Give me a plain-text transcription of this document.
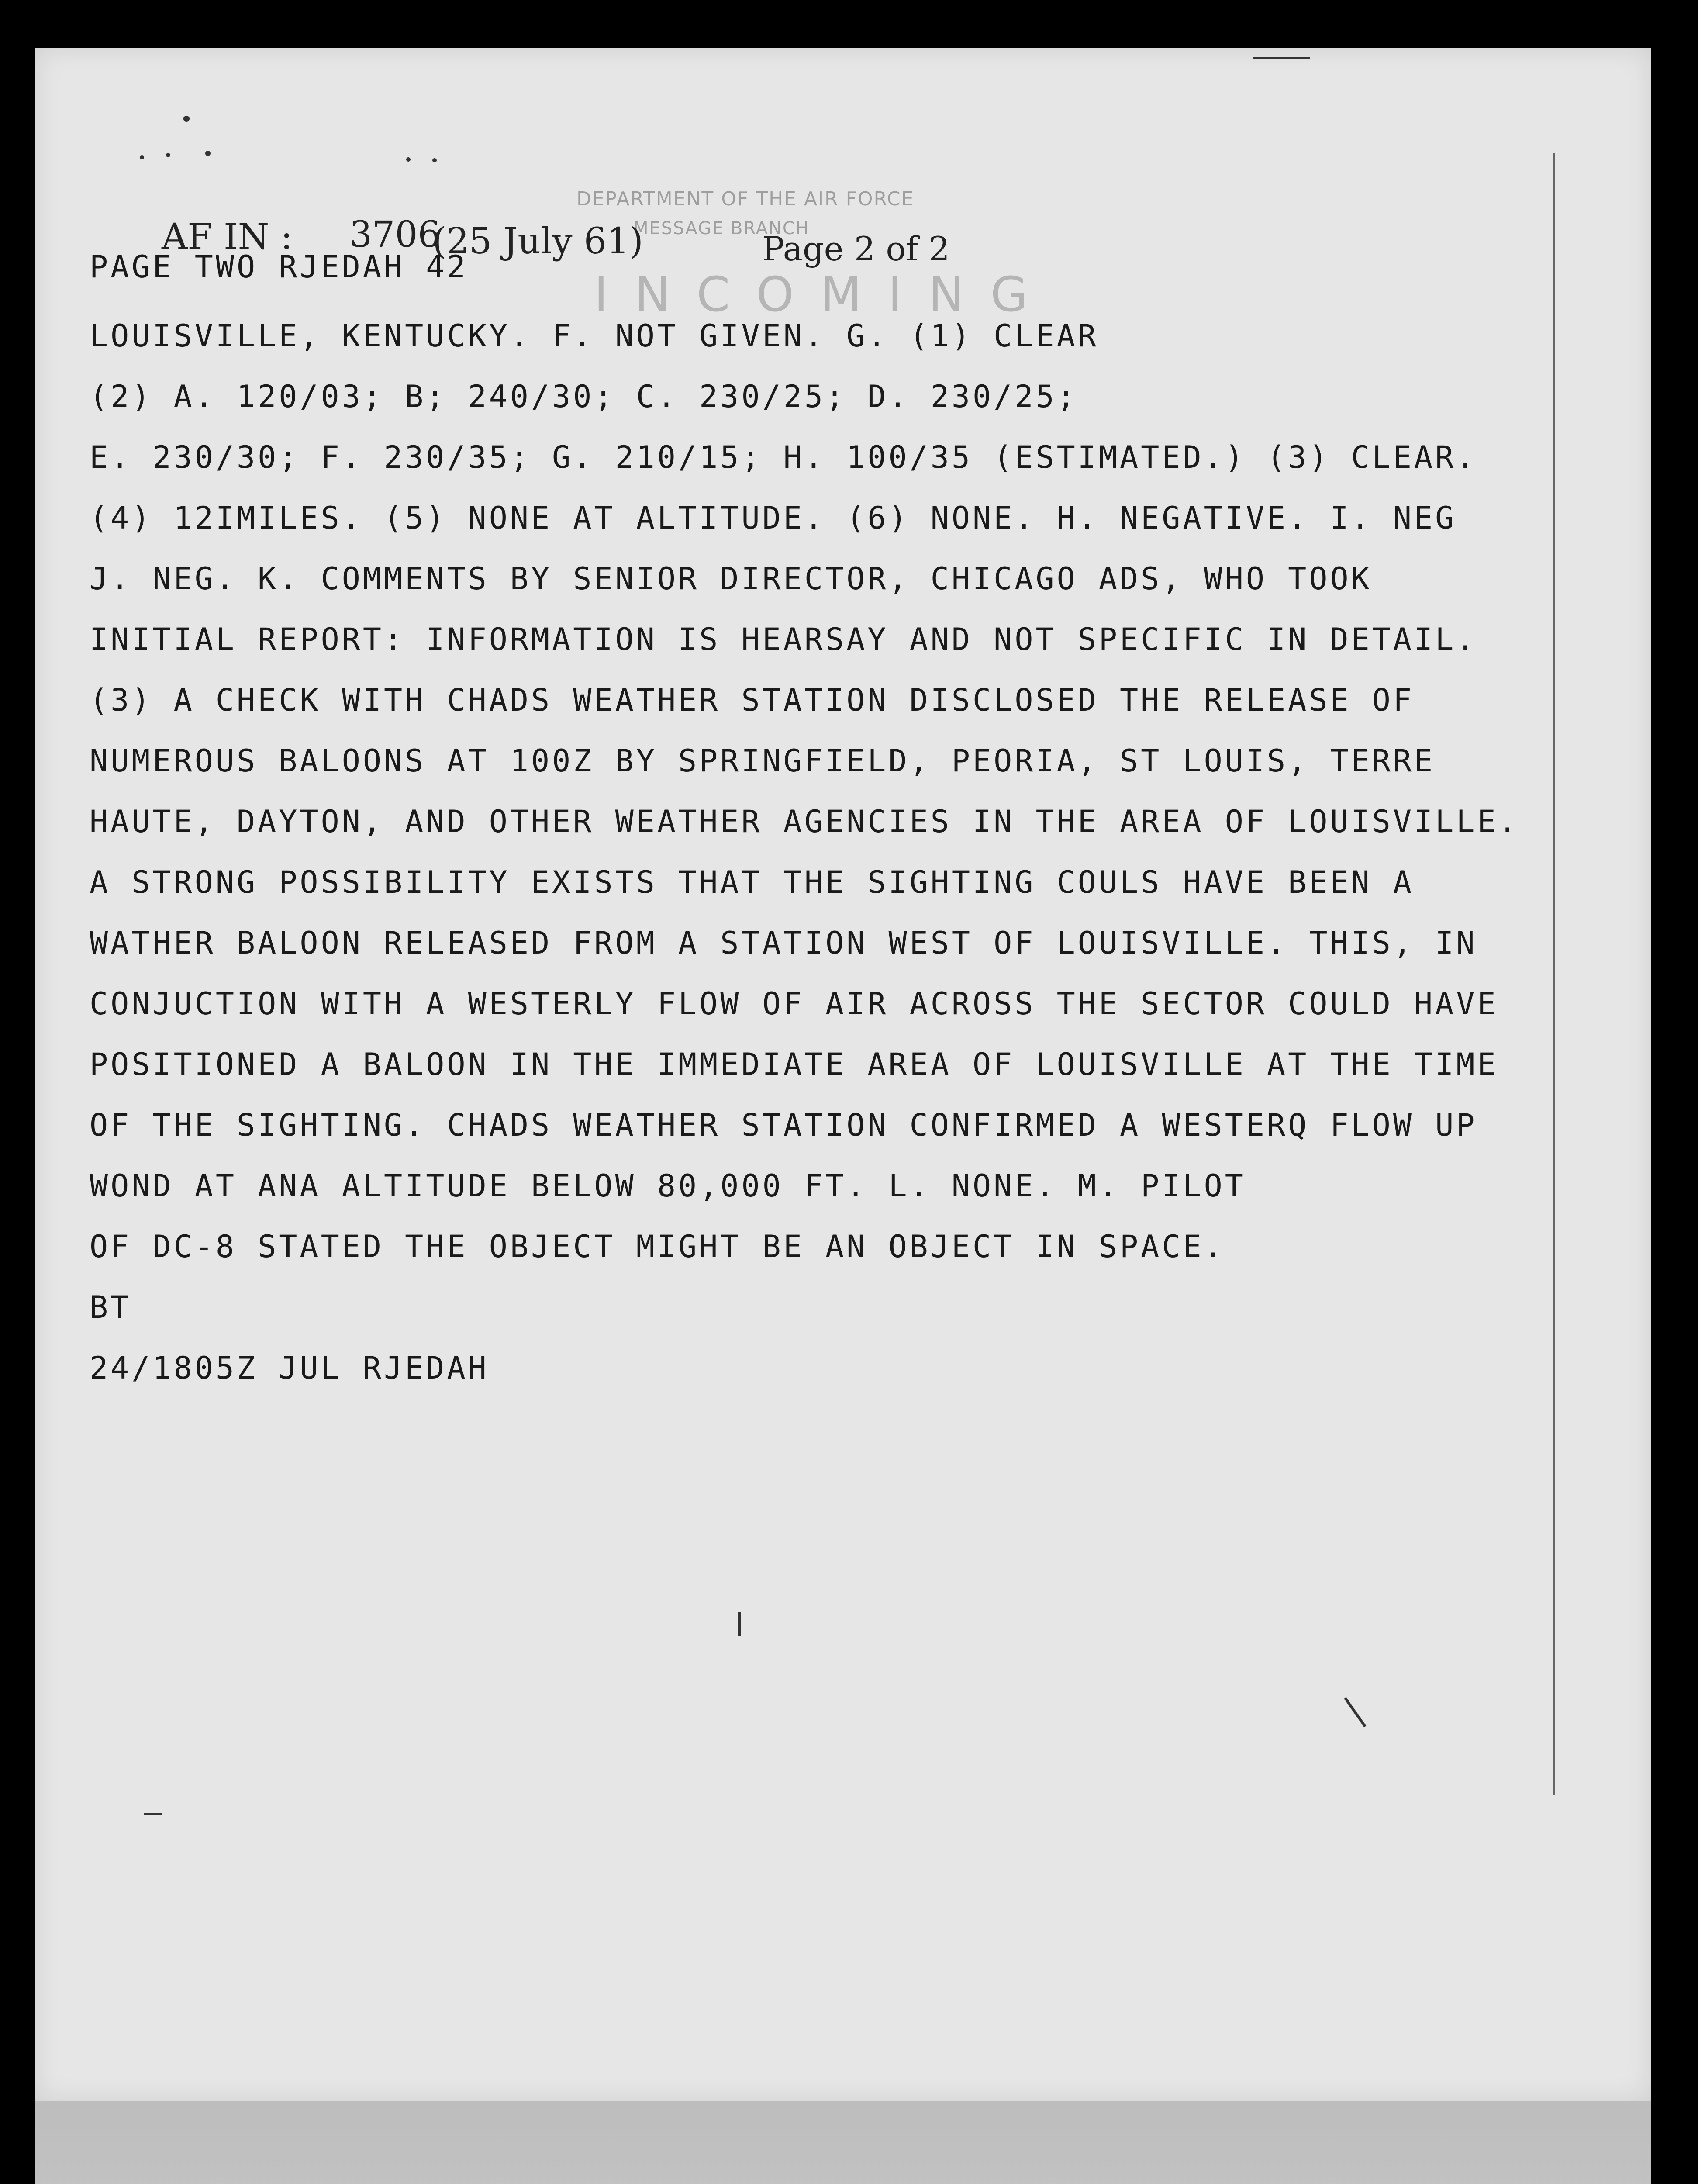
DEPARTMENT OF THE AIR FORCE
MESSAGE BRANCH
INCOMING
AF IN : 3706
(25 July 61)	Page 2 of 2
PAGE TWO RJEDAH 42
LOUISVILLE, KENTUCKY. F. NOT GIVEN. G. (1) CLEAR
(2) A. 120/03; B; 240/30; C. 230/25; D. 230/25;
E. 230/30; F. 230/35; G. 210/15; H. 100/35 (ESTIMATED.) (3) CLEAR.
(4) 12IMILES. (5) NONE AT ALTITUDE. (6) NONE. H. NEGATIVE. I. NEG
J. NEG. K. COMMENTS BY SENIOR DIRECTOR, CHICAGO ADS, WHO TOOK
INITIAL REPORT: INFORMATION IS HEARSAY AND NOT SPECIFIC IN DETAIL.
(3) A CHECK WITH CHADS WEATHER STATION DISCLOSED THE RELEASE OF
NUMEROUS BALOONS AT 100Z BY SPRINGFIELD, PEORIA, ST LOUIS, TERRE
HAUTE, DAYTON, AND OTHER WEATHER AGENCIES IN THE AREA OF LOUISVILLE.
A STRONG POSSIBILITY EXISTS THAT THE SIGHTING COULS HAVE BEEN A
WATHER BALOON RELEASED FROM A STATION WEST OF LOUISVILLE. THIS, IN
CONJUCTION WITH A WESTERLY FLOW OF AIR ACROSS THE SECTOR COULD HAVE
POSITIONED A BALOON IN THE IMMEDIATE AREA OF LOUISVILLE AT THE TIME
OF THE SIGHTING. CHADS WEATHER STATION CONFIRMED A WESTERQ FLOW UP
WOND AT ANA ALTITUDE BELOW 80,000 FT. L. NONE. M. PILOT
OF DC-8 STATED THE OBJECT MIGHT BE AN OBJECT IN SPACE.
BT
24/1805Z JUL RJEDAH
